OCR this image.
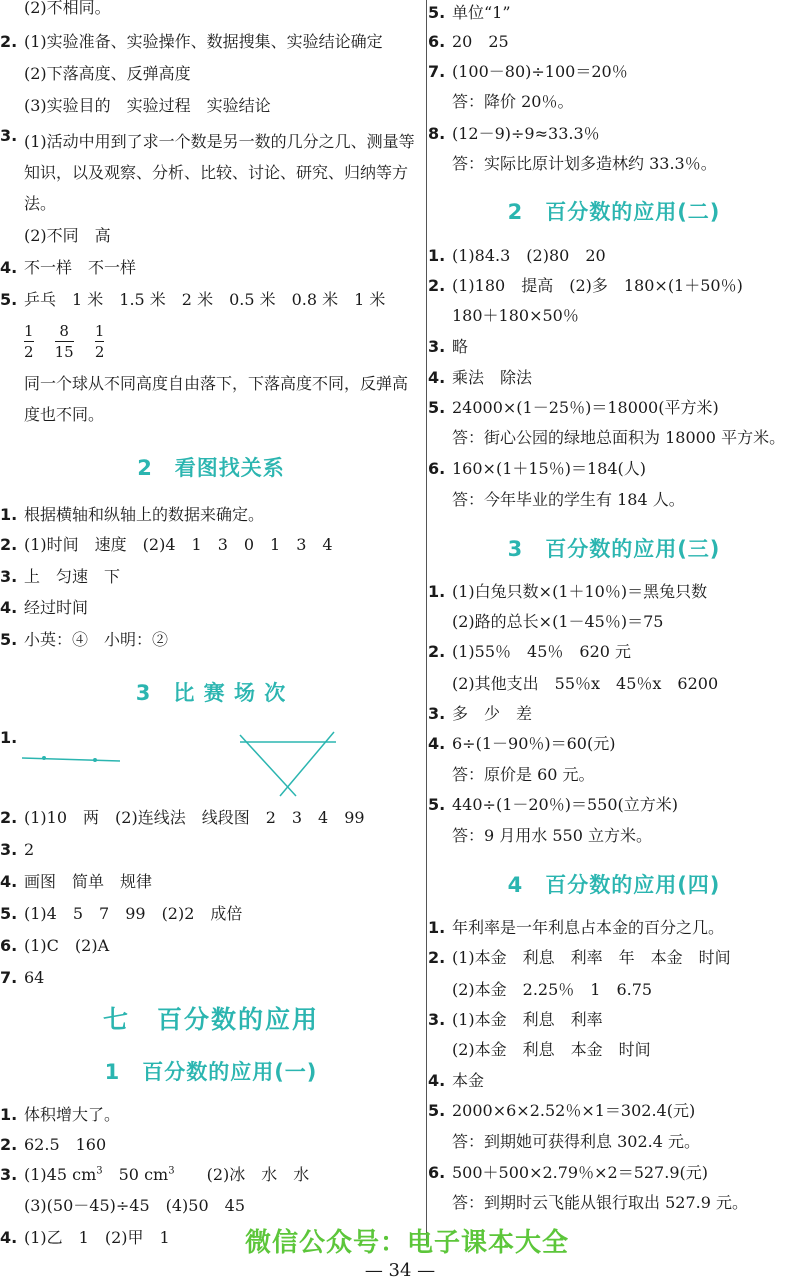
(2)不相同。
2. (1)实验准备、实验操作、数据搜集、实验结论确定
(2)下落高度、反弹高度
(3)实验目的　实验过程　实验结论
3. (1)活动中用到了求一个数是另一数的几分之几、测量等知识，以及观察、分析、比较、讨论、研究、归纳等方法。
(2)不同　高
4. 不一样　不一样
5. 乒乓　1 米　1.5 米　2 米　0.5 米　0.8 米　1 米
$\frac{1}{2}$
$\frac{8}{15}$
$\frac{1}{2}$
同一个球从不同高度自由落下，下落高度不同，反弹高度也不同。
2　看图找关系
1. 根据横轴和纵轴上的数据来确定。
2. (1)时间　速度　(2)4　1　3　0　1　3　4
3. 上　匀速　下
4. 经过时间
5. 小英：④　小明：②
3　比 赛 场 次
1.
2. (1)10　两　(2)连线法　线段图　2　3　4　99
3. 2
4. 画图　简单　规律
5. (1)4　5　7　99　(2)2　成倍
6. (1)C　(2)A
7. 64
七　百分数的应用
1　百分数的应用(一)
1. 体积增大了。
2. 62.5　160
3. (1)45 $cm^3$　50 $cm^3$　　(2)冰　水　水
(3)(50－45)÷45　(4)50　45
4. (1)乙　1　(2)甲　1
5. 单位“1”
6. 20　25
7. (100－80)÷100＝20％
答：降价 20％。
8. (12－9)÷9≈33.3％
答：实际比原计划多造林约 33.3％。
2　百分数的应用(二)
1. (1)84.3　(2)80　20
2. (1)180　提高　(2)多　180×(1＋50％)
180＋180×50％
3. 略
4. 乘法　除法
5. 24000×(1－25％)＝18000(平方米)
答：街心公园的绿地总面积为 18000 平方米。
6. 160×(1＋15％)＝184(人)
答：今年毕业的学生有 184 人。
3　百分数的应用(三)
1. (1)白兔只数×(1＋10％)＝黑兔只数
(2)路的总长×(1－45％)＝75
2. (1)55％　45％　620 元
(2)其他支出　55％x　45％x　6200
3. 多　少　差
4. 6÷(1－90％)＝60(元)
答：原价是 60 元。
5. 440÷(1－20％)＝550(立方米)
答：9 月用水 550 立方米。
4　百分数的应用(四)
1. 年利率是一年利息占本金的百分之几。
2. (1)本金　利息　利率　年　本金　时间
(2)本金　2.25％　1　6.75
3. (1)本金　利息　利率
(2)本金　利息　本金　时间
4. 本金
5. 2000×6×2.52％×1＝302.4(元)
答：到期她可获得利息 302.4 元。
6. 500＋500×2.79％×2＝527.9(元)
答：到期时云飞能从银行取出 527.9 元。
微信公众号：电子课本大全
— 34 —
